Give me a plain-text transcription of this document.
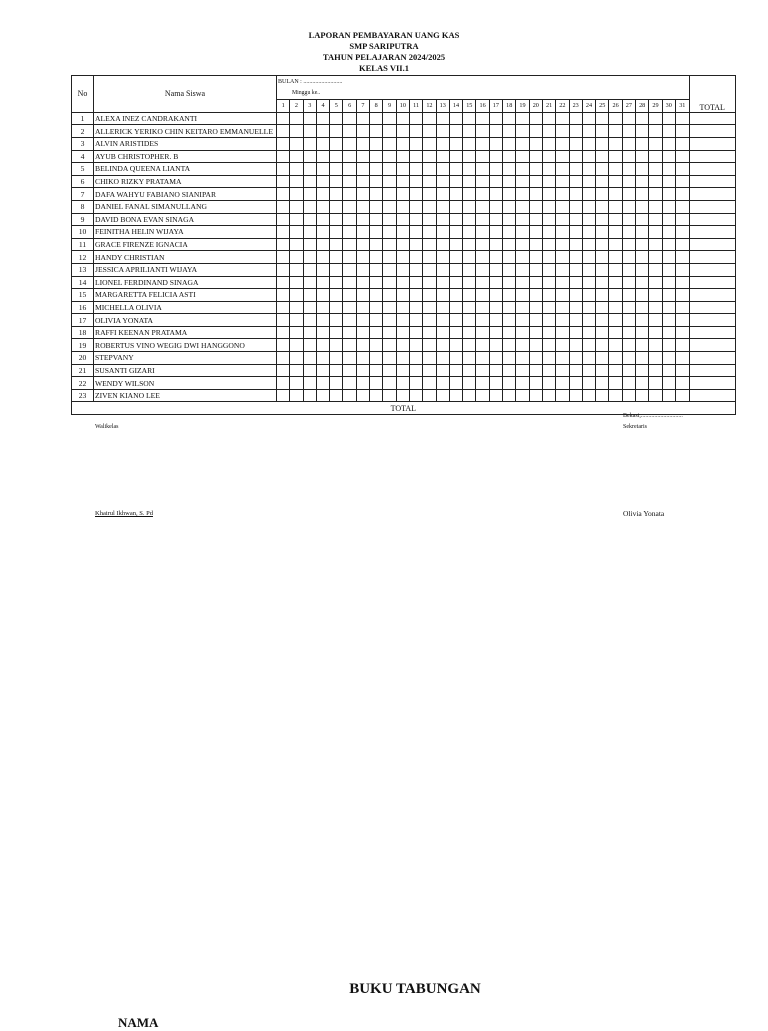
LAPORAN PEMBAYARAN UANG KAS
SMP SARIPUTRA
TAHUN PELAJARAN 2024/2025
KELAS VII.1
No	Nama Siswa	BULAN : ..........................																															TOTAL
		Minggu ke..																															
		1	2	3	4	5	6	7	8	9	10	11	12	13	14	15	16	17	18	19	20	21	22	23	24	25	26	27	28	29	30	31	
1	ALEXA INEZ CANDRAKANTI																																
2	ALLERICK YERIKO CHIN KEITARO EMMANUELLE																																
3	ALVIN ARISTIDES																																
4	AYUB CHRISTOPHER. B																																
5	BELINDA QUEENA LIANTA																																
6	CHIKO RIZKY PRATAMA																																
7	DAFA WAHYU FABIANO SIANIPAR																																
8	DANIEL FANAL SIMANULLANG																																
9	DAVID BONA EVAN SINAGA																																
10	FEINITHA HELIN WIJAYA																																
11	GRACE FIRENZE IGNACIA																																
12	HANDY CHRISTIAN																																
13	JESSICA APRILIANTI WIJAYA																																
14	LIONEL FERDINAND SINAGA																																
15	MARGARETTA FELICIA ASTI																																
16	MICHELLA OLIVIA																																
17	OLIVIA YONATA																																
18	RAFFI KEENAN PRATAMA																																
19	ROBERTUS VINO WEGIG DWI HANGGONO																																
20	STEPVANY																																
21	SUSANTI GIZARI																																
22	WENDY WILSON																																
23	ZIVEN KIANO LEE																																
TOTAL																																	
Bekasi,............................
Walikelas	Sekretaris
Khairul Ikhwan, S. Pd	Olivia Yonata
BUKU TABUNGAN
NAMA
